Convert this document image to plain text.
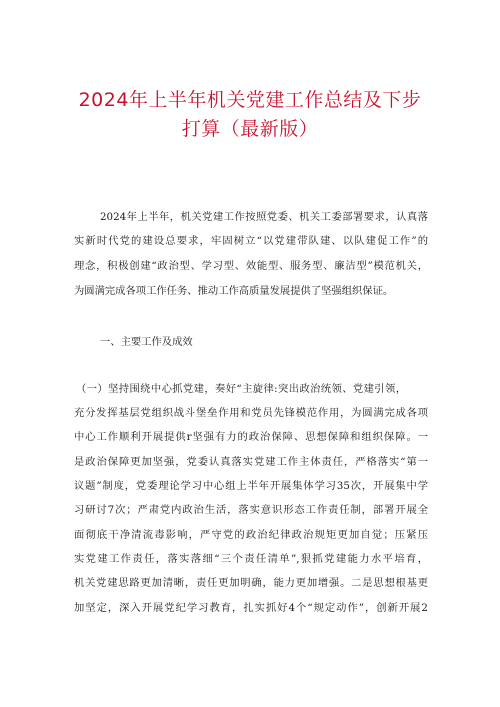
2024年上半年机关党建工作总结及下步
打算（最新版）
2024年上半年，机关党建工作按照党委、机关工委部署要求，认真落
实新时代党的建设总要求，牢固树立“以党建带队建、以队建促工作”的
理念，积极创建“政治型、学习型、效能型、服务型、廉洁型”模范机关，
为圆满完成各项工作任务、推动工作高质量发展提供了坚强组织保证。
一、主要工作及成效
（一）坚持围绕中心抓党建，奏好“主旋律:突出政治统领、党建引领，
充分发挥基层党组织战斗堡垒作用和党员先锋模范作用，为圆满完成各项
中心工作顺利开展提供r坚强有力的政治保障、思想保障和组织保障。一
是政治保障更加坚强，党委认真落实党建工作主体责任，严格落实“第一
议题”制度，党委理论学习中心组上半年开展集体学习35次，开展集中学
习研讨7次；严肃党内政治生活，落实意识形态工作责任制，部署开展全
面彻底干净清流毒影响，严守党的政治纪律政治规矩更加自觉；压紧压
实党建工作责任，落实落细“三个责任清单”,狠抓党建能力水平培育，
机关党建思路更加清晰，责任更加明确，能力更加增强。二是思想根基更
加坚定，深入开展党纪学习教育，扎实抓好4个“规定动作”，创新开展2
